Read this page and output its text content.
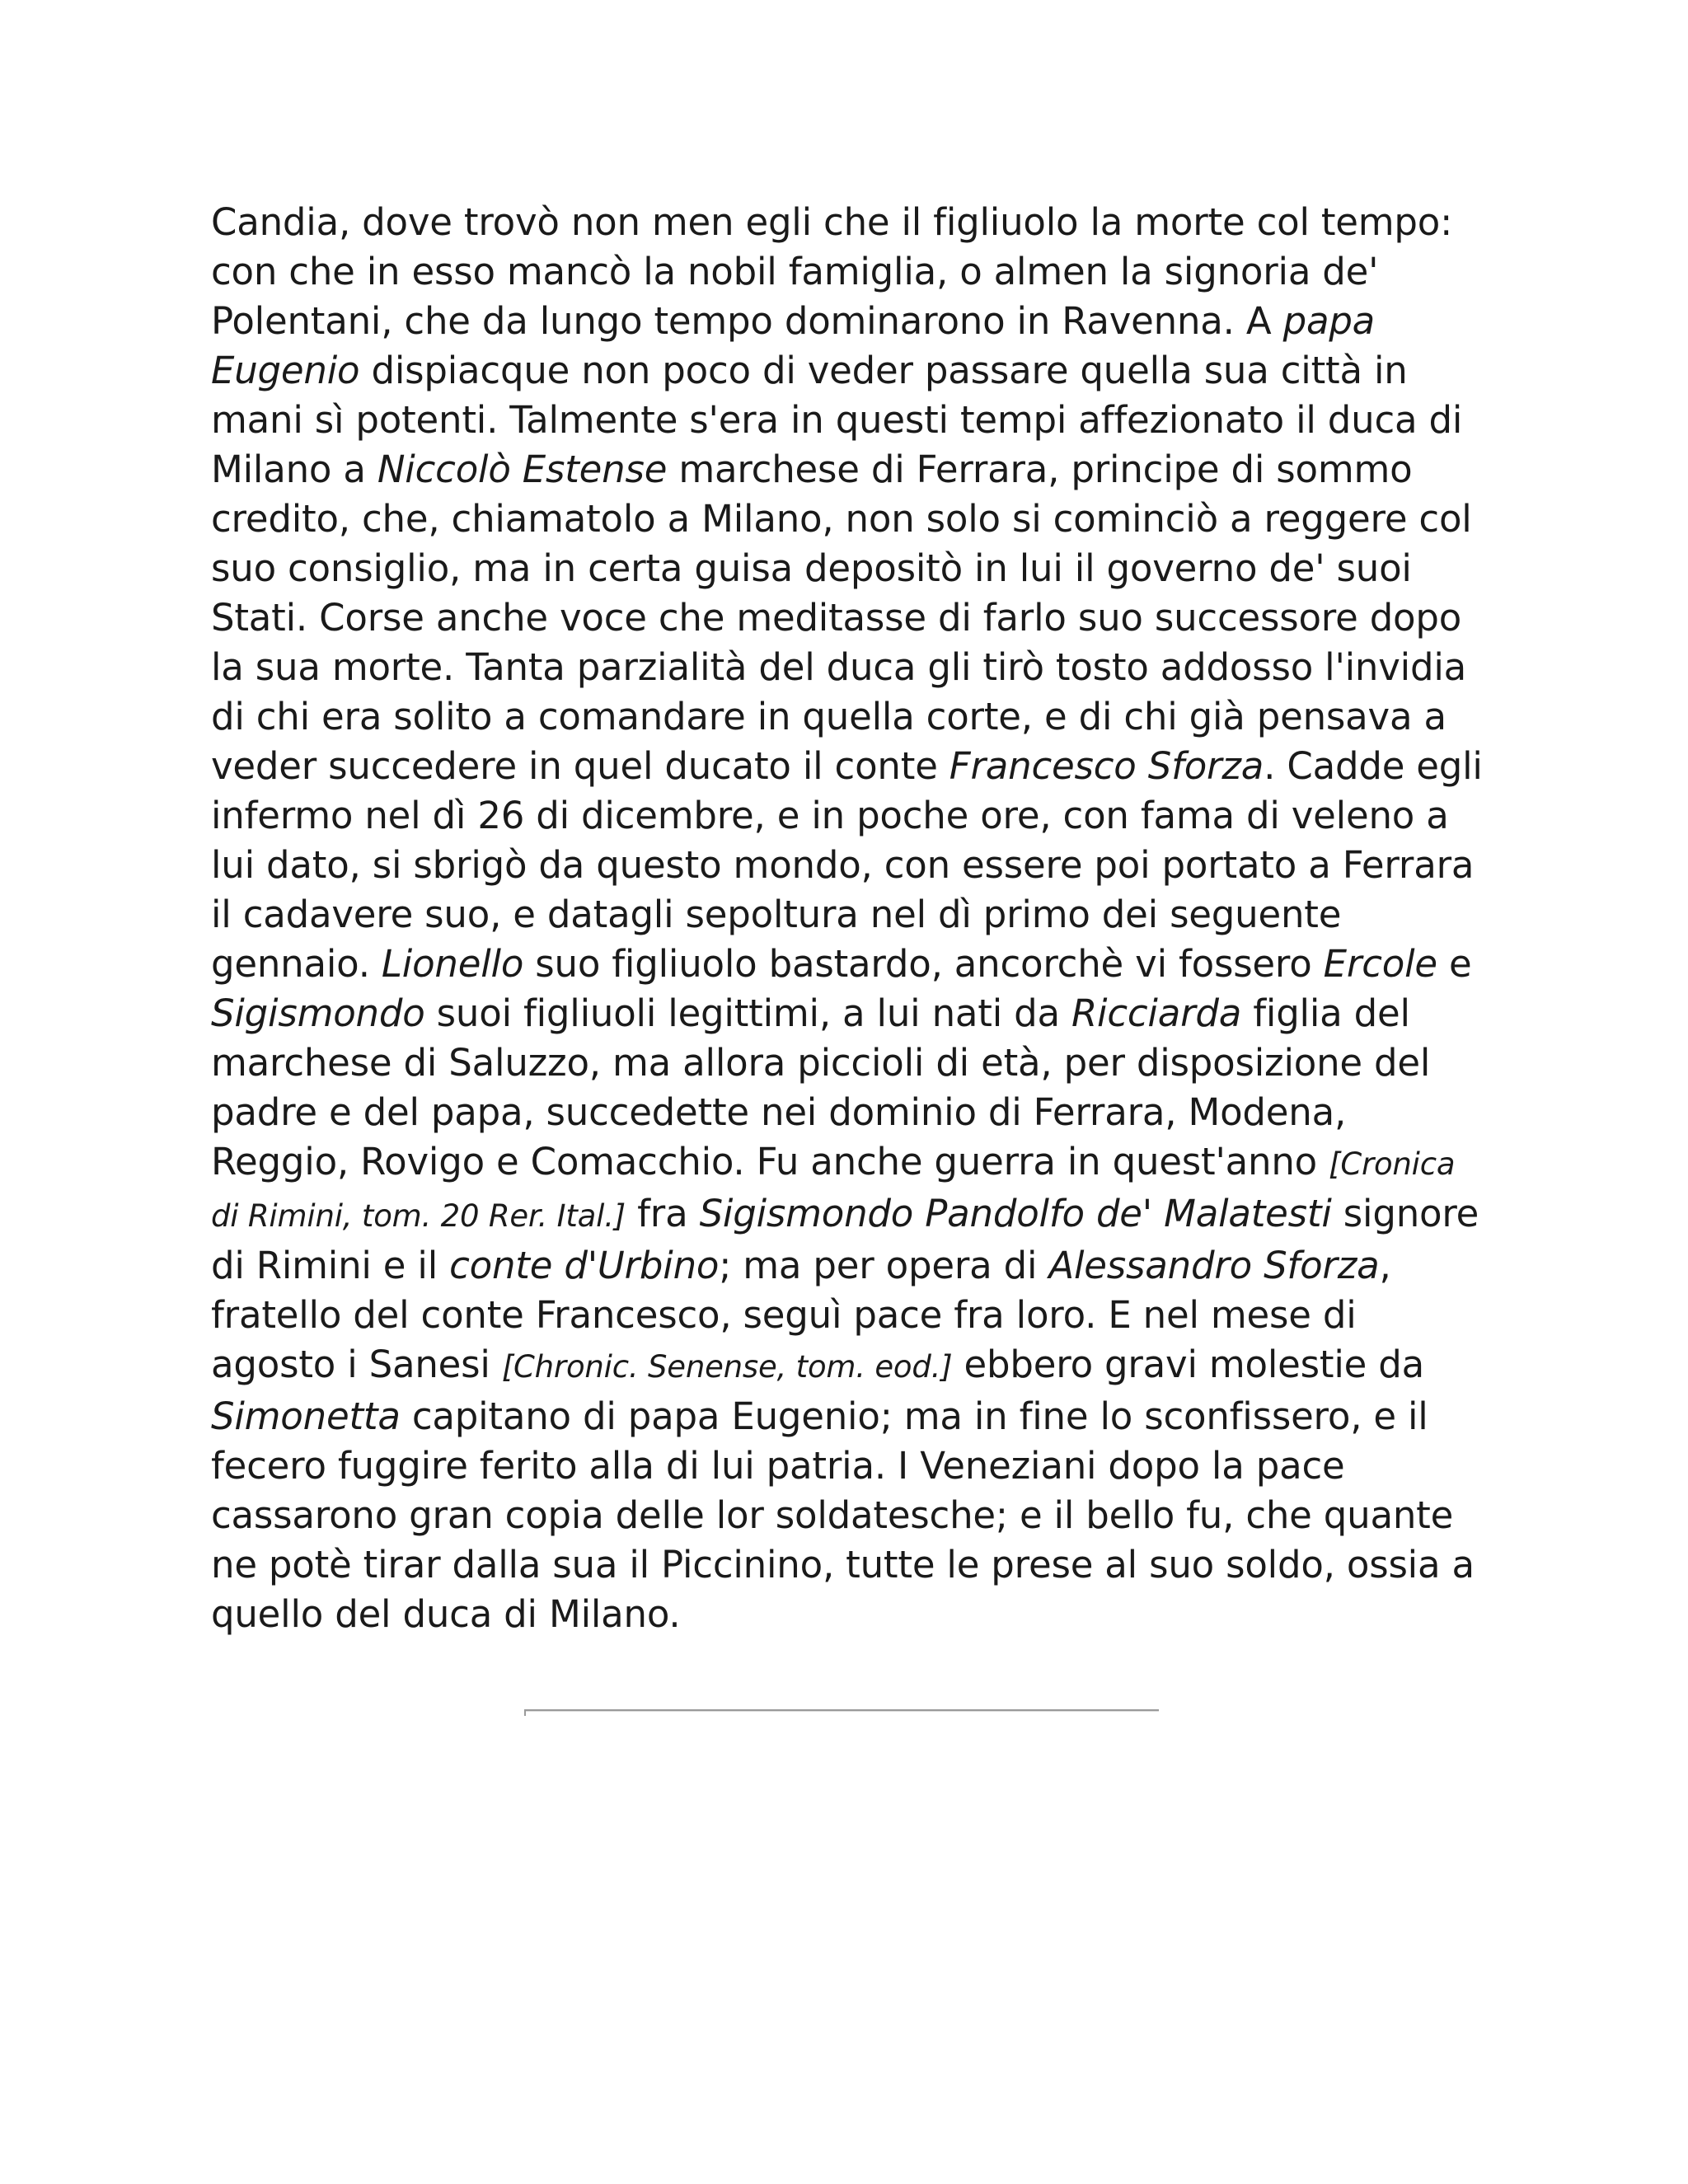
Candia, dove trovò non men egli che il figliuolo la morte col tempo:
con che in esso mancò la nobil famiglia, o almen la signoria de'
Polentani, che da lungo tempo dominarono in Ravenna. A papa
Eugenio dispiacque non poco di veder passare quella sua città in
mani sì potenti. Talmente s'era in questi tempi affezionato il duca di
Milano a Niccolò Estense marchese di Ferrara, principe di sommo
credito, che, chiamatolo a Milano, non solo si cominciò a reggere col
suo consiglio, ma in certa guisa depositò in lui il governo de' suoi
Stati. Corse anche voce che meditasse di farlo suo successore dopo
la sua morte. Tanta parzialità del duca gli tirò tosto addosso l'invidia
di chi era solito a comandare in quella corte, e di chi già pensava a
veder succedere in quel ducato il conte Francesco Sforza. Cadde egli
infermo nel dì 26 di dicembre, e in poche ore, con fama di veleno a
lui dato, si sbrigò da questo mondo, con essere poi portato a Ferrara
il cadavere suo, e datagli sepoltura nel dì primo dei seguente
gennaio. Lionello suo figliuolo bastardo, ancorchè vi fossero Ercole e
Sigismondo suoi figliuoli legittimi, a lui nati da Ricciarda figlia del
marchese di Saluzzo, ma allora piccioli di età, per disposizione del
padre e del papa, succedette nei dominio di Ferrara, Modena,
Reggio, Rovigo e Comacchio. Fu anche guerra in quest'anno [Cronica
di Rimini, tom. 20 Rer. Ital.] fra Sigismondo Pandolfo de' Malatesti signore
di Rimini e il conte d'Urbino; ma per opera di Alessandro Sforza,
fratello del conte Francesco, seguì pace fra loro. E nel mese di
agosto i Sanesi [Chronic. Senense, tom. eod.] ebbero gravi molestie da
Simonetta capitano di papa Eugenio; ma in fine lo sconfissero, e il
fecero fuggire ferito alla di lui patria. I Veneziani dopo la pace
cassarono gran copia delle lor soldatesche; e il bello fu, che quante
ne potè tirar dalla sua il Piccinino, tutte le prese al suo soldo, ossia a
quello del duca di Milano.
